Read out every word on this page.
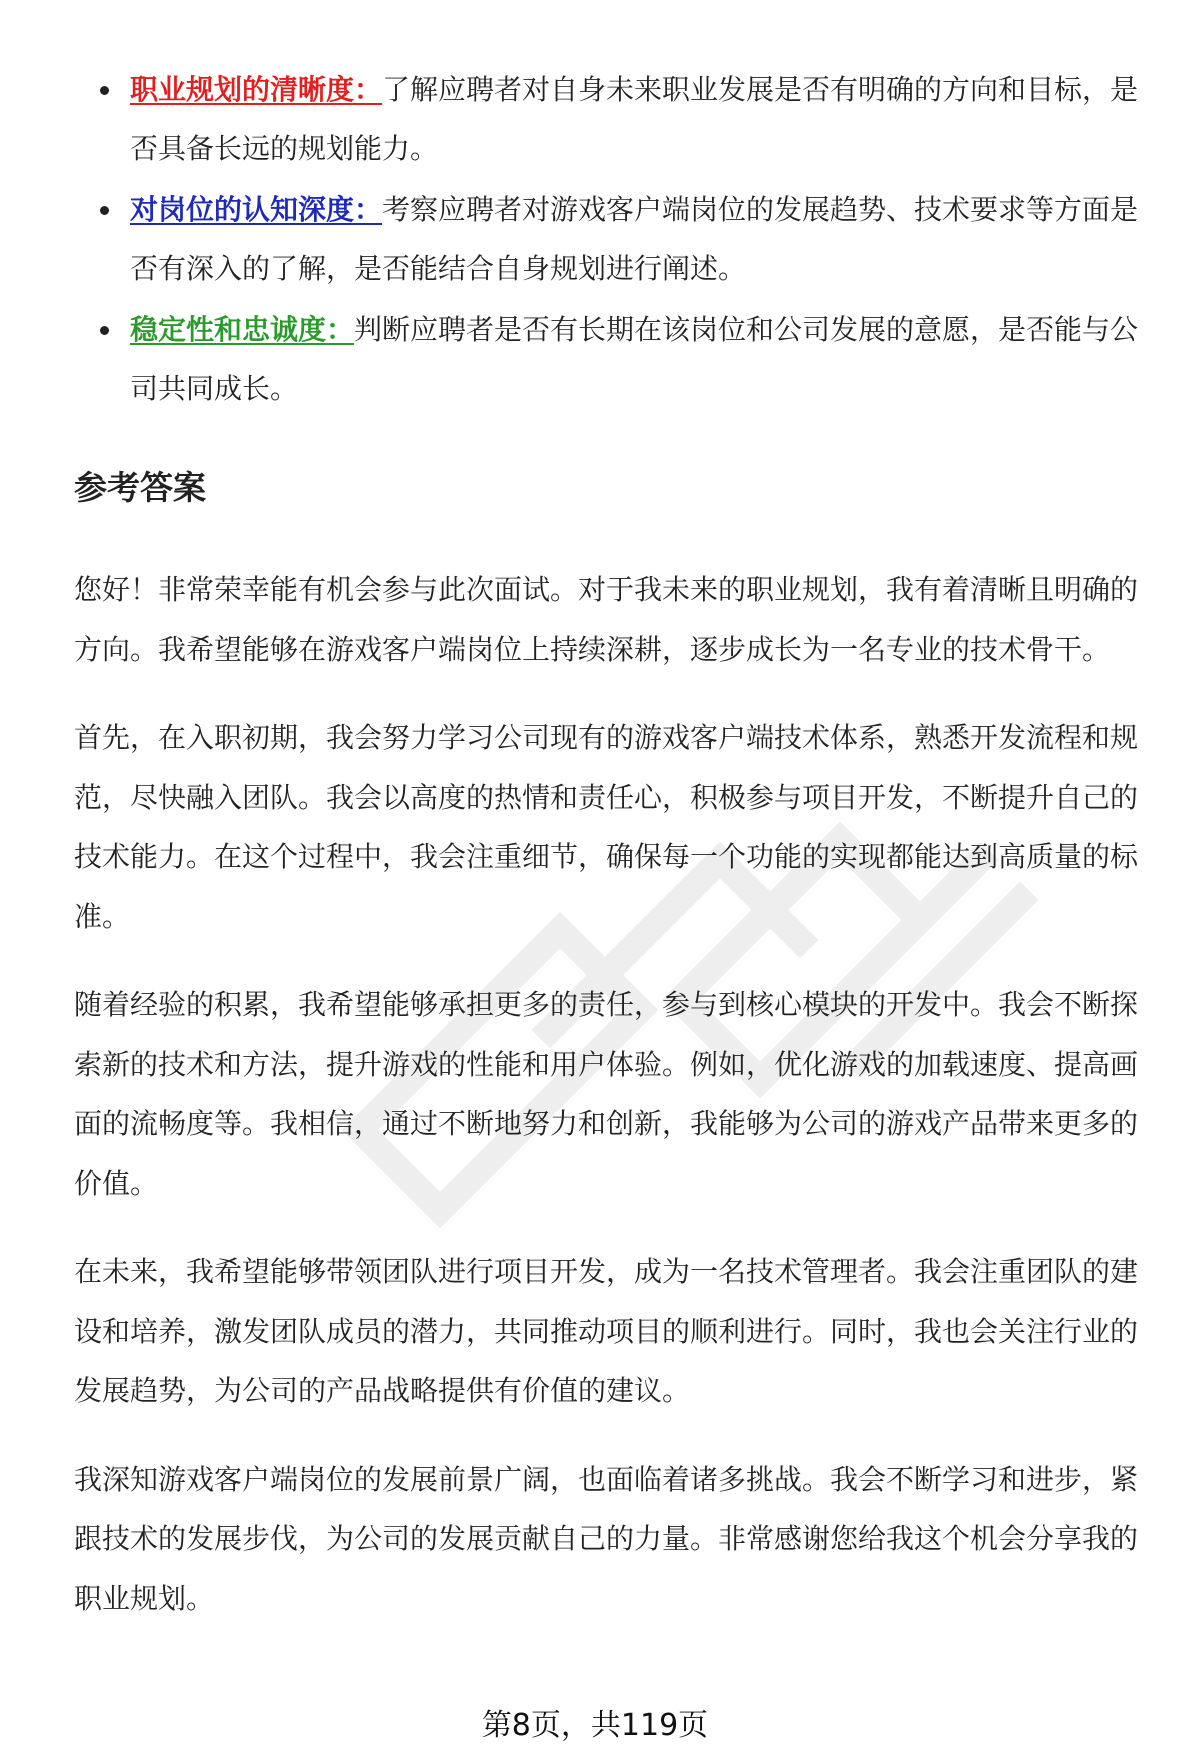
职业规划的清晰度：了解应聘者对自身未来职业发展是否有明确的方向和目标，是否具备长远的规划能力。
对岗位的认知深度：考察应聘者对游戏客户端岗位的发展趋势、技术要求等方面是否有深入的了解，是否能结合自身规划进行阐述。
稳定性和忠诚度：判断应聘者是否有长期在该岗位和公司发展的意愿，是否能与公司共同成长。
参考答案

您好！非常荣幸能有机会参与此次面试。对于我未来的职业规划，我有着清晰且明确的方向。我希望能够在游戏客户端岗位上持续深耕，逐步成长为一名专业的技术骨干。

首先，在入职初期，我会努力学习公司现有的游戏客户端技术体系，熟悉开发流程和规范，尽快融入团队。我会以高度的热情和责任心，积极参与项目开发，不断提升自己的技术能力。在这个过程中，我会注重细节，确保每一个功能的实现都能达到高质量的标准。

随着经验的积累，我希望能够承担更多的责任，参与到核心模块的开发中。我会不断探索新的技术和方法，提升游戏的性能和用户体验。例如，优化游戏的加载速度、提高画面的流畅度等。我相信，通过不断地努力和创新，我能够为公司的游戏产品带来更多的价值。

在未来，我希望能够带领团队进行项目开发，成为一名技术管理者。我会注重团队的建设和培养，激发团队成员的潜力，共同推动项目的顺利进行。同时，我也会关注行业的发展趋势，为公司的产品战略提供有价值的建议。

我深知游戏客户端岗位的发展前景广阔，也面临着诸多挑战。我会不断学习和进步，紧跟技术的发展步伐，为公司的发展贡献自己的力量。非常感谢您给我这个机会分享我的职业规划。

第8页，共119页
